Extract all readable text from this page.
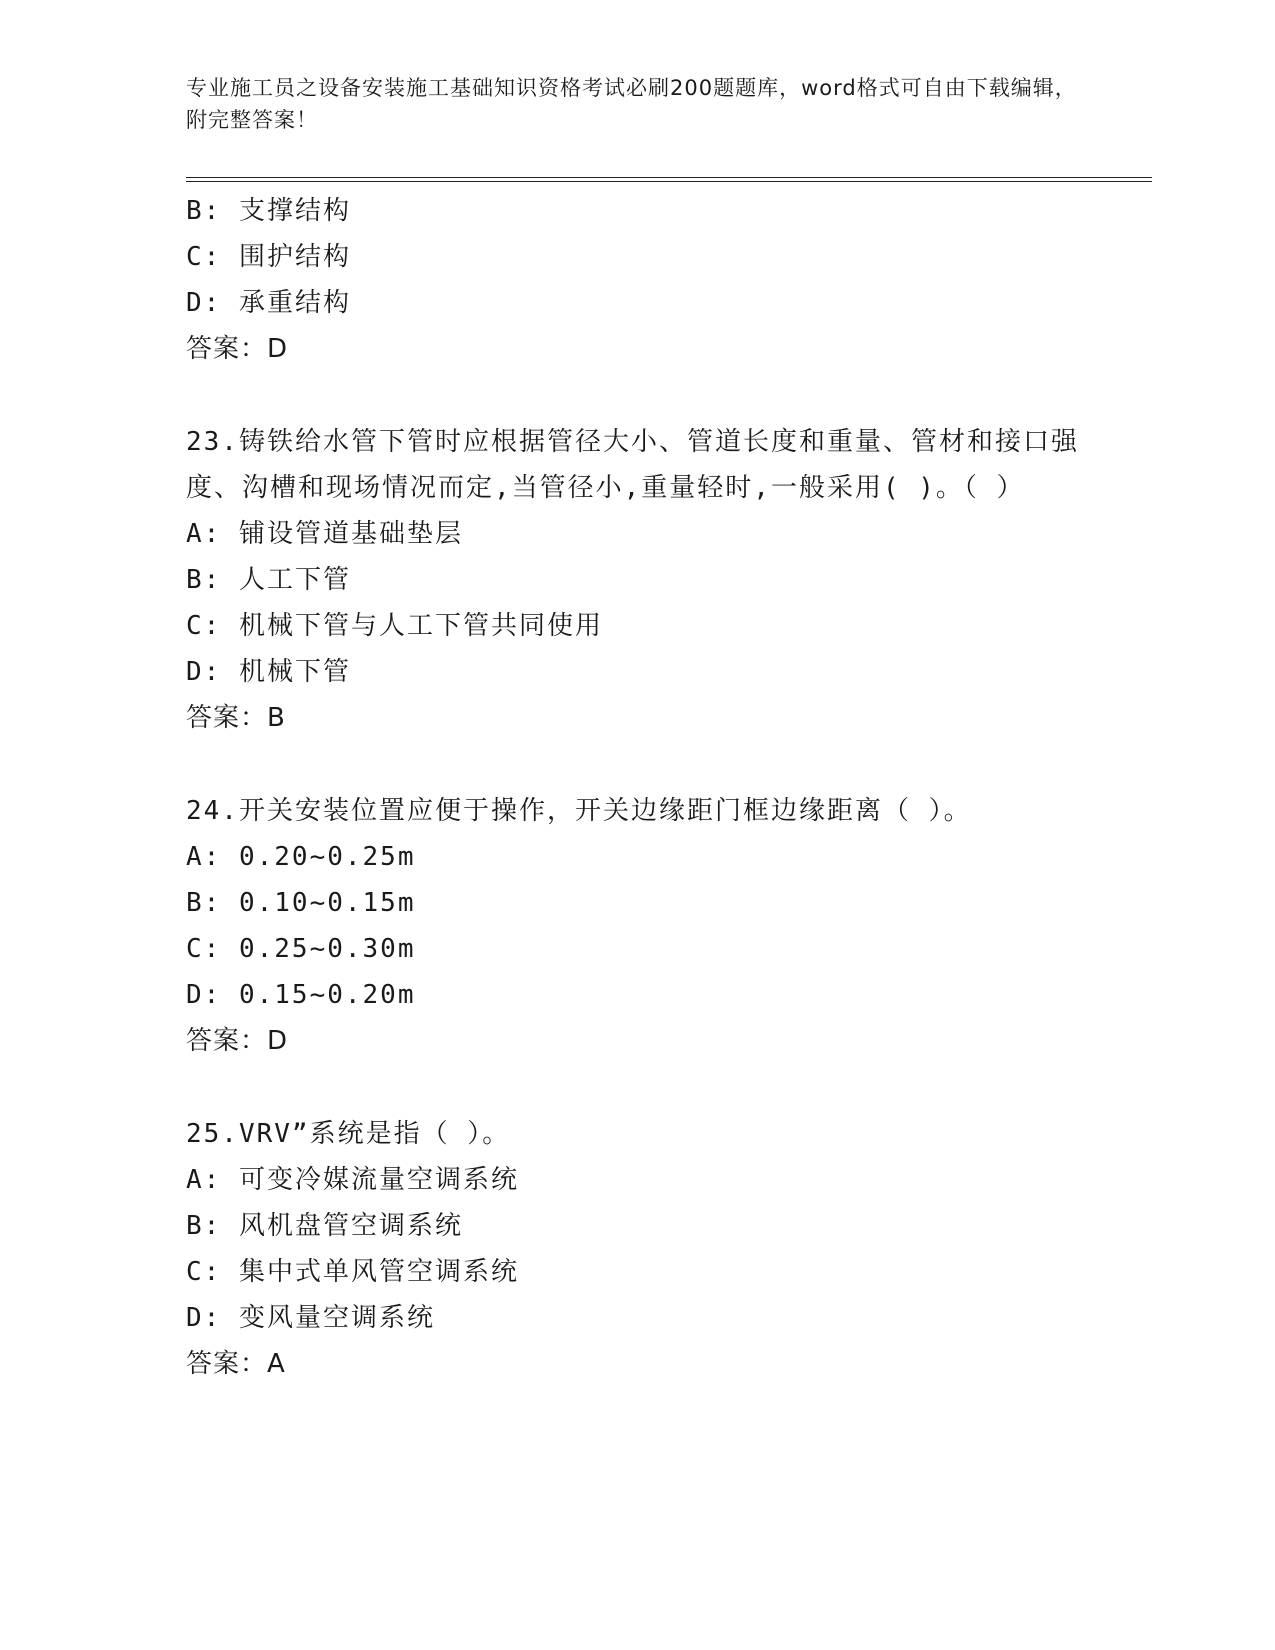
专业施工员之设备安装施工基础知识资格考试必刷200题题库，word格式可自由下载编辑，附完整答案！
B: 支撑结构
C: 围护结构
D: 承重结构
答案：D
23.铸铁给水管下管时应根据管径大小、管道长度和重量、管材和接口强度、沟槽和现场情况而定,当管径小,重量轻时,一般采用( )。（ ）
A: 铺设管道基础垫层
B: 人工下管
C: 机械下管与人工下管共同使用
D: 机械下管
答案：B
24.开关安装位置应便于操作，开关边缘距门框边缘距离（ ）。
A: 0.20~0.25m
B: 0.10~0.15m
C: 0.25~0.30m
D: 0.15~0.20m
答案：D
25.VRV”系统是指（ ）。
A: 可变冷媒流量空调系统
B: 风机盘管空调系统
C: 集中式单风管空调系统
D: 变风量空调系统
答案：A
